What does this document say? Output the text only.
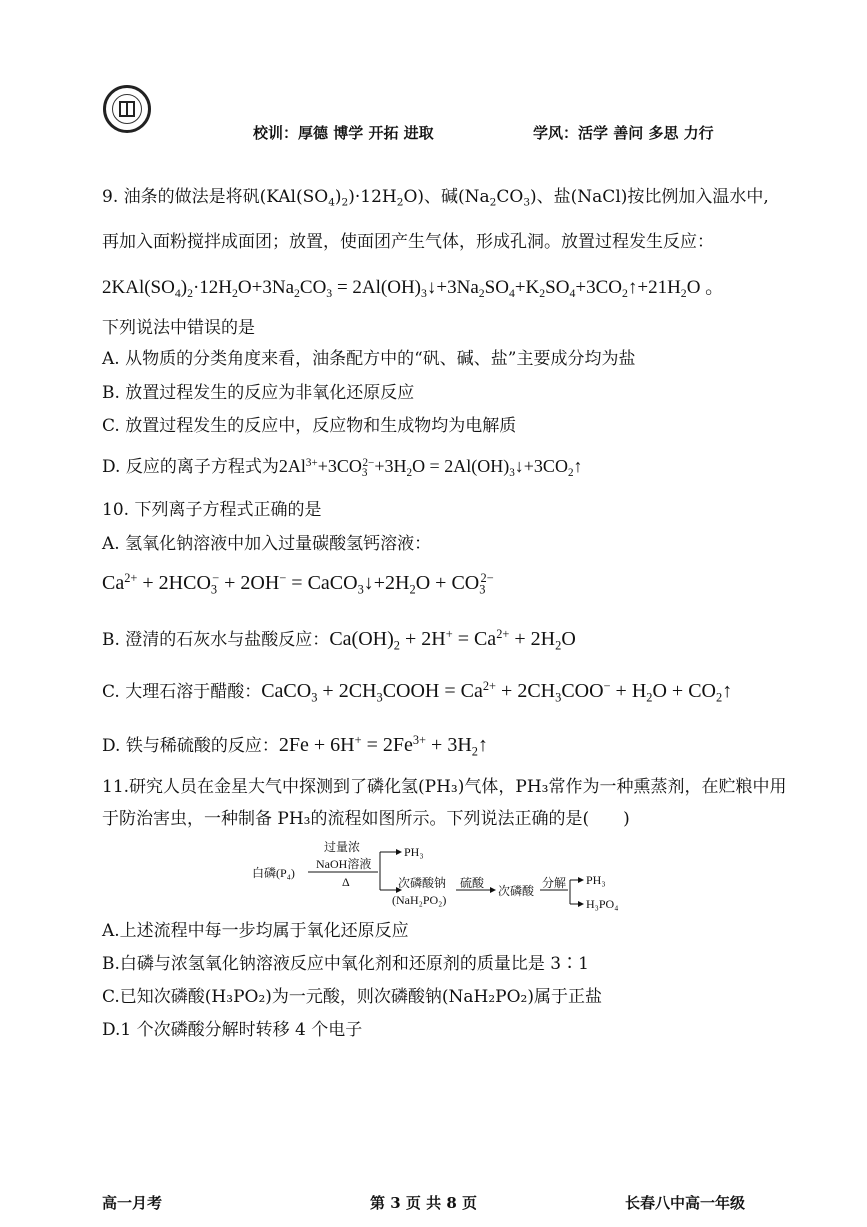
校训：厚德 博学 开拓 进取	学风：活学 善问 多思 力行
9. 油条的做法是将矾$(KAl(SO_4)_2)\cdot 12H_2O$)、碱$(Na_2CO_3)$、盐(NaCl)按比例加入温水中,
再加入面粉搅拌成面团；放置，使面团产生气体，形成孔洞。放置过程发生反应：
$2KAl(SO_4)_2\cdot 12H_2O+3Na_2CO_3$ = $2Al(OH)_3↓+3Na_2SO_4+K_2SO_4+3CO_2↑+21H_2O$ 。
下列说法中错误的是
A. 从物质的分类角度来看，油条配方中的“矾、碱、盐”主要成分均为盐
B. 放置过程发生的反应为非氧化还原反应
C. 放置过程发生的反应中，反应物和生成物均为电解质
D. 反应的离子方程式为$2Al^{3+}+3CO_3^{2-}+3H_2O$ = $2Al(OH)_3↓+3CO_2↑$
10. 下列离子方程式正确的是
A. 氢氧化钠溶液中加入过量碳酸氢钙溶液：
$Ca^{2+} + 2HCO_3^- + 2OH^-$ = $CaCO_3↓+2H_2O + CO_3^{2-}$
B. 澄清的石灰水与盐酸反应：$Ca(OH)_2 + 2H^+ = Ca^{2+} + 2H_2O$
C. 大理石溶于醋酸：CaCO$_3$ + $2CH_3COOH = Ca^{2+} + 2CH_3COO^- + H_2O$ + $CO_2↑$
D. 铁与稀硫酸的反应：$2Fe + 6H^+ = 2Fe^{3+}$ + $3H_2↑$
11.研究人员在金星大气中探测到了磷化氢(PH₃)气体，PH₃常作为一种熏蒸剂，在贮粮中用
于防治害虫，一种制备 PH₃的流程如图所示。下列说法正确的是(　　)
白磷(P₄)
过量浓
NaOH溶液
Δ
PH₃
次磷酸钠
(NaH₂PO₂)
硫酸
次磷酸
分解 PH₃
H₃PO₄
A.上述流程中每一步均属于氧化还原反应
B.白磷与浓氢氧化钠溶液反应中氧化剂和还原剂的质量比是 3∶1
C.已知次磷酸(H₃PO₂)为一元酸，则次磷酸钠(NaH₂PO₂)属于正盐
D.1 个次磷酸分解时转移 4 个电子
高一月考	第 3 页 共 8 页	长春八中高一年级
